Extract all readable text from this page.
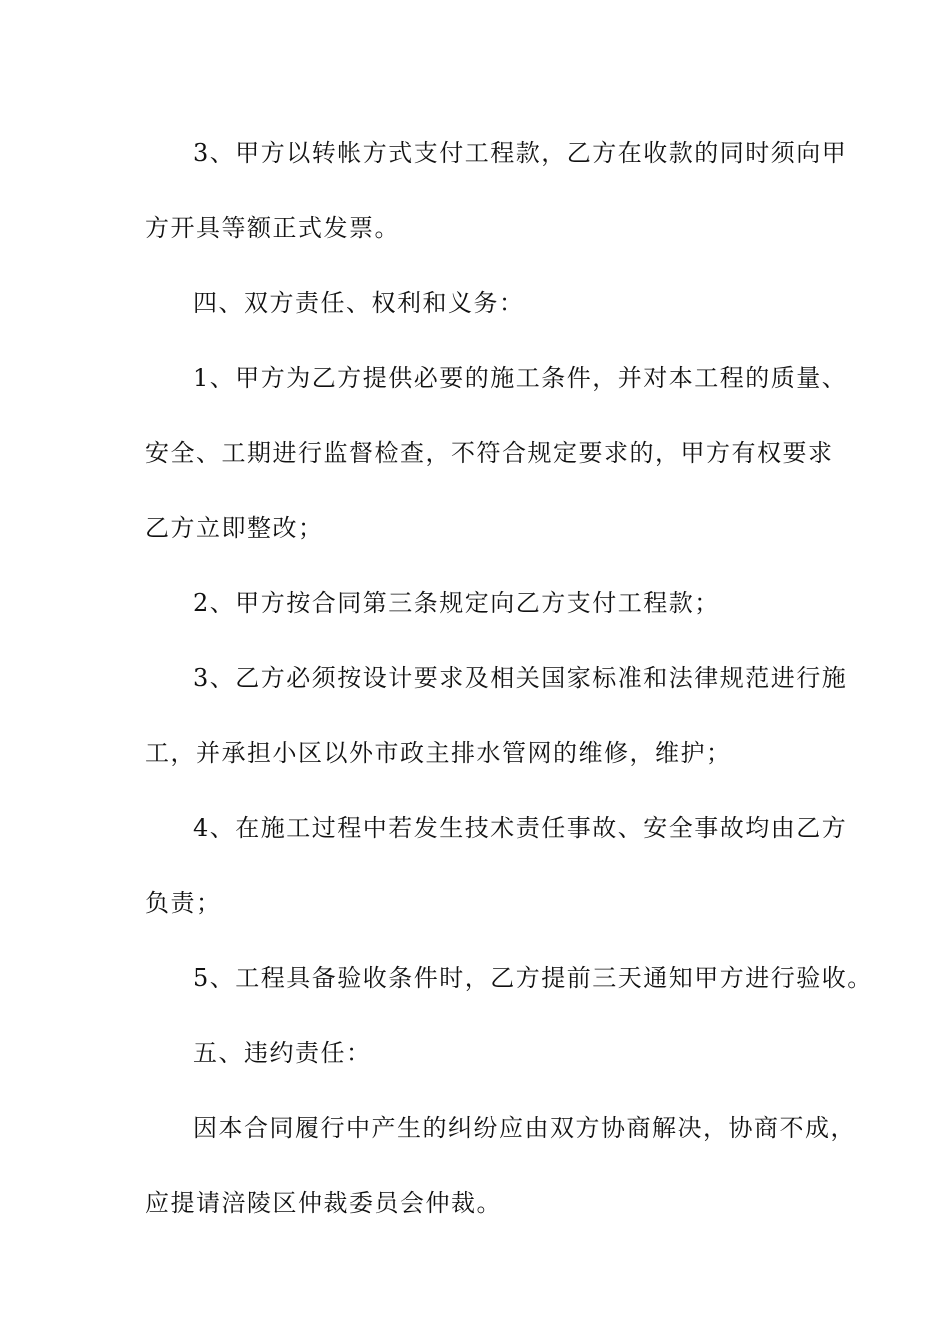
3、甲方以转帐方式支付工程款，乙方在收款的同时须向甲
方开具等额正式发票。
四、双方责任、权利和义务：
1、甲方为乙方提供必要的施工条件，并对本工程的质量、
安全、工期进行监督检查，不符合规定要求的，甲方有权要求
乙方立即整改；
2、甲方按合同第三条规定向乙方支付工程款；
3、乙方必须按设计要求及相关国家标准和法律规范进行施
工，并承担小区以外市政主排水管网的维修，维护；
4、在施工过程中若发生技术责任事故、安全事故均由乙方
负责；
5、工程具备验收条件时，乙方提前三天通知甲方进行验收。
五、违约责任：
因本合同履行中产生的纠纷应由双方协商解决，协商不成，
应提请涪陵区仲裁委员会仲裁。
